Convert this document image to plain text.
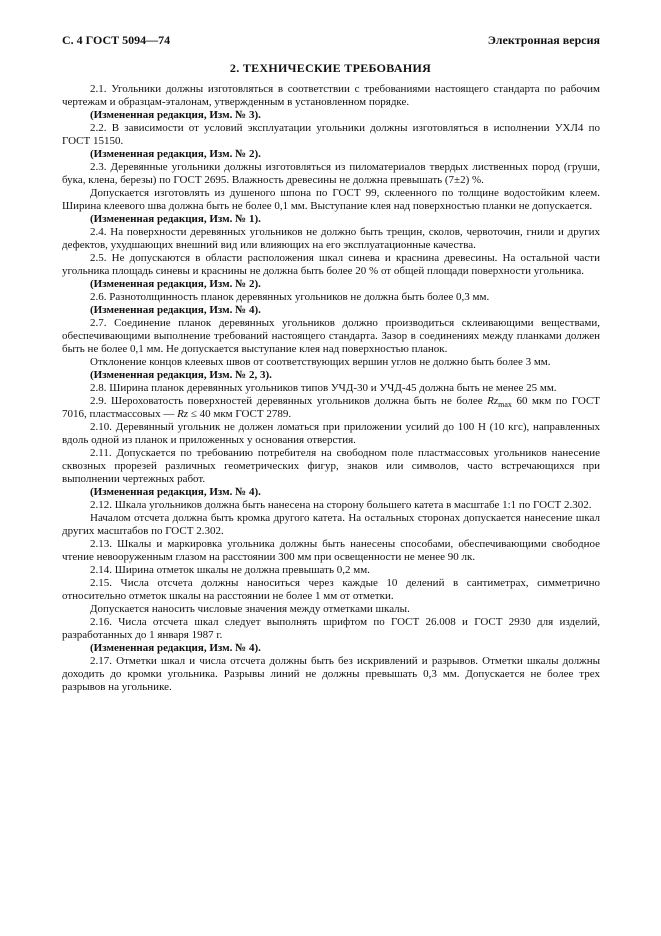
С. 4 ГОСТ 5094—74	Электронная версия
2. ТЕХНИЧЕСКИЕ ТРЕБОВАНИЯ

2.1. Угольники должны изготовляться в соответствии с требованиями настоящего стандарта по рабочим чертежам и образцам-эталонам, утвержденным в установленном порядке.

(Измененная редакция, Изм. № 3).

2.2. В зависимости от условий эксплуатации угольники должны изготовляться в исполнении УХЛ4 по ГОСТ 15150.

(Измененная редакция, Изм. № 2).

2.3. Деревянные угольники должны изготовляться из пиломатериалов твердых лиственных пород (груши, бука, клена, березы) по ГОСТ 2695. Влажность древесины не должна превышать (7±2) %.

Допускается изготовлять из душеного шпона по ГОСТ 99, склеенного по толщине водостойким клеем. Ширина клеевого шва должна быть не более 0,1 мм. Выступание клея над поверхностью планки не допускается.

(Измененная редакция, Изм. № 1).

2.4. На поверхности деревянных угольников не должно быть трещин, сколов, червоточин, гнили и других дефектов, ухудшающих внешний вид или влияющих на его эксплуатационные качества.

2.5. Не допускаются в области расположения шкал синева и краснина древесины. На остальной части угольника площадь синевы и краснины не должна быть более 20 % от общей площади поверхности угольника.

(Измененная редакция, Изм. № 2).

2.6. Разнотолщинность планок деревянных угольников не должна быть более 0,3 мм.

(Измененная редакция, Изм. № 4).

2.7. Соединение планок деревянных угольников должно производиться склеивающими веществами, обеспечивающими выполнение требований настоящего стандарта. Зазор в соединениях между планками должен быть не более 0,1 мм. Не допускается выступание клея над поверхностью планок.

Отклонение концов клеевых швов от соответствующих вершин углов не должно быть более 3 мм.

(Измененная редакция, Изм. № 2, 3).

2.8. Ширина планок деревянных угольников типов УЧД-30 и УЧД-45 должна быть не менее 25 мм.

2.9. Шероховатость поверхностей деревянных угольников должна быть не более $Rz_{max}$ 60 мкм по ГОСТ 7016, пластмассовых — Rz ≤ 40 мкм ГОСТ 2789.

2.10. Деревянный угольник не должен ломаться при приложении усилий до 100 Н (10 кгс), направленных вдоль одной из планок и приложенных у основания отверстия.

2.11. Допускается по требованию потребителя на свободном поле пластмассовых угольников нанесение сквозных прорезей различных геометрических фигур, знаков или символов, часто встречающихся при выполнении чертежных работ.

(Измененная редакция, Изм. № 4).

2.12. Шкала угольников должна быть нанесена на сторону большего катета в масштабе 1:1 по ГОСТ 2.302.

Началом отсчета должна быть кромка другого катета. На остальных сторонах допускается нанесение шкал других масштабов по ГОСТ 2.302.

2.13. Шкалы и маркировка угольника должны быть нанесены способами, обеспечивающими свободное чтение невооруженным глазом на расстоянии 300 мм при освещенности не менее 90 лк.

2.14. Ширина отметок шкалы не должна превышать 0,2 мм.

2.15. Числа отсчета должны наноситься через каждые 10 делений в сантиметрах, симметрично относительно отметок шкалы на расстоянии не более 1 мм от отметки.

Допускается наносить числовые значения между отметками шкалы.

2.16. Числа отсчета шкал следует выполнять шрифтом по ГОСТ 26.008 и ГОСТ 2930 для изделий, разработанных до 1 января 1987 г.

(Измененная редакция, Изм. № 4).

2.17. Отметки шкал и числа отсчета должны быть без искривлений и разрывов. Отметки шкалы должны доходить до кромки угольника. Разрывы линий не должны превышать 0,3 мм. Допускается не более трех разрывов на угольнике.
